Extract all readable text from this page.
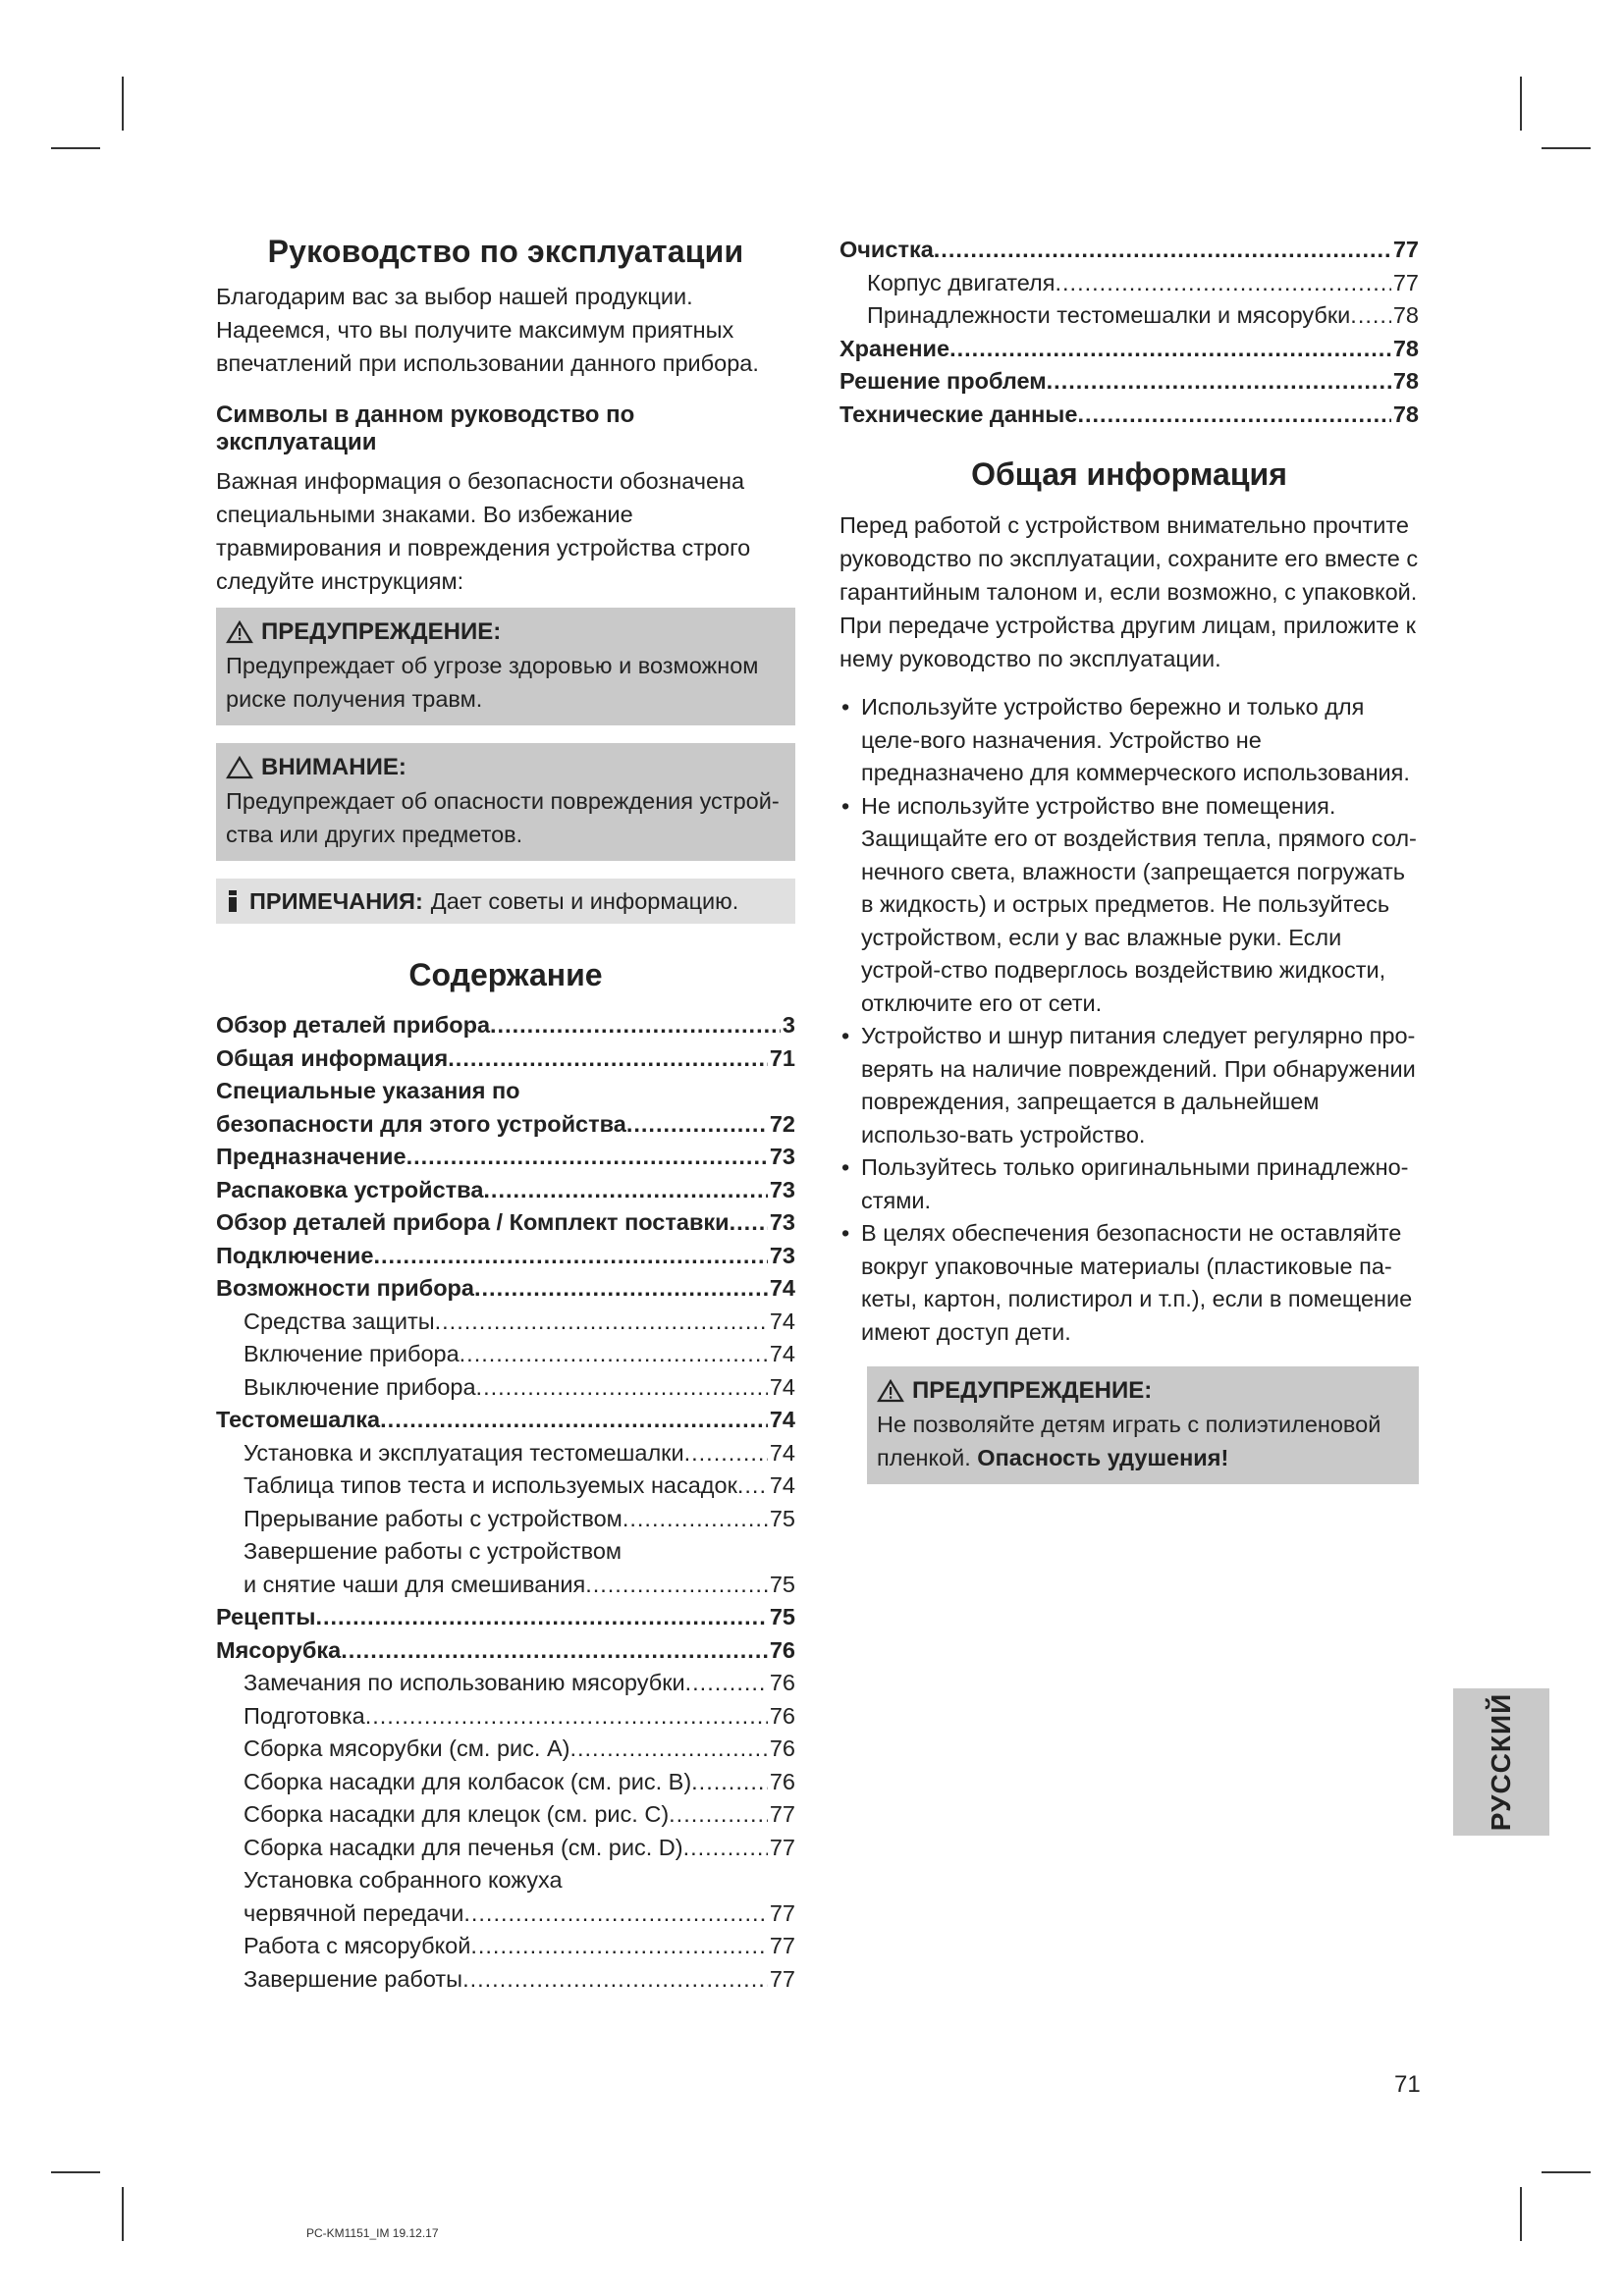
Руководство по эксплуатации

Благодарим вас за выбор нашей продукции. Надеемся, что вы получите максимум приятных впечатлений при использовании данного прибора.

Символы в данном руководство по эксплуатации

Важная информация о безопасности обозначена специальными знаками. Во избежание травмирования и повреждения устройства строго следуйте инструкциям:

ПРЕДУПРЕЖДЕНИЕ:

Предупреждает об угрозе здоровью и возможном риске получения травм.

ВНИМАНИЕ:

Предупреждает об опасности повреждения устрой-ства или других предметов.

ПРИМЕЧАНИЯ: Дает советы и информацию.
Содержание
Обзор деталей прибора .....	3
Общая информация .....	71
Специальные указания по
безопасности для этого устройства .....	72
Предназначение .....	73
Распаковка устройства .....	73
Обзор деталей прибора / Комплект поставки ..... 73
Подключение .....	73
Возможности прибора .....	74
Средства защиты .....	74
Включение прибора .....	74
Выключение прибора .....	74
Тестомешалка .....	74
Установка и эксплуатация тестомешалки .....	74
Таблица типов теста и используемых насадок ..... 74
Прерывание работы с устройством .....	75
Завершение работы с устройством
и снятие чаши для смешивания .....	75
Рецепты .....	75
Мясорубка .....	76
Замечания по использованию мясорубки .....	76
Подготовка .....	76
Сборка мясорубки (см. рис. A) .....	76
Сборка насадки для колбасок (см. рис. B) .....	76
Сборка насадки для клецок (см. рис. C) .....	77
Сборка насадки для печенья (см. рис. D) .....	77
Установка собранного кожуха
червячной передачи .....	77
Работа с мясорубкой .....	77
Завершение работы .....	77
Очистка .....	77
Корпус двигателя .....	77
Принадлежности тестомешалки и мясорубки ..... 78
Хранение .....	78
Решение проблем .....	78
Технические данные .....	78
Общая информация

Перед работой с устройством внимательно прочтите руководство по эксплуатации, сохраните его вместе с гарантийным талоном и, если возможно, с упаковкой.

При передаче устройства другим лицам, приложите к нему руководство по эксплуатации.

• Используйте устройство бережно и только для целе-вого назначения. Устройство не предназначено для коммерческого использования.
• Не используйте устройство вне помещения. Защищайте его от воздействия тепла, прямого сол-нечного света, влажности (запрещается погружать в жидкость) и острых предметов. Не пользуйтесь устройством, если у вас влажные руки. Если устрой-ство подверглось воздействию жидкости, отключите его от сети.
• Устройство и шнур питания следует регулярно про-верять на наличие повреждений. При обнаружении повреждения, запрещается в дальнейшем использо-вать устройство.
• Пользуйтесь только оригинальными принадлежно-стями.
• В целях обеспечения безопасности не оставляйте вокруг упаковочные материалы (пластиковые па-кеты, картон, полистирол и т.п.), если в помещение имеют доступ дети.
ПРЕДУПРЕЖДЕНИЕ:

Не позволяйте детям играть с полиэтиленовой пленкой. Опасность удушения!

РУССКИЙ
71
PC-KM1151_IM 19.12.17
